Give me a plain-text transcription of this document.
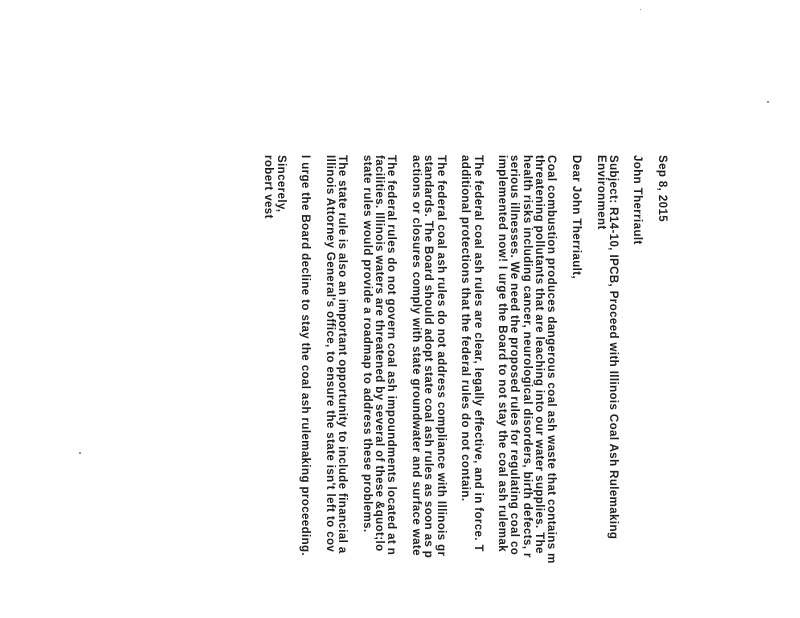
Sep 8, 2015
John Therriault
Subject: R14-10, IPCB, Proceed with Illinois Coal Ash Rulemaking
Environment
Dear John Therriault,
Coal combustion produces dangerous coal ash waste that contains m
threatening pollutants that are leaching into our water supplies. The
health risks including cancer, neurological disorders, birth defects, r
serious illnesses. We need the proposed rules for regulating coal co
implemented now! I urge the Board to not stay the coal ash rulemak
The federal coal ash rules are clear, legally effective, and in force. T
additional protections that the federal rules do not contain.
The federal coal ash rules do not address compliance with Illinois gr
standards. The Board should adopt state coal ash rules as soon as p
actions or closures comply with state groundwater and surface wate
The federal rules do not govern coal ash impoundments located at n
facilities. Illinois waters are threatened by several of these &quot;lo
state rules would provide a roadmap to address these problems.
The state rule is also an important opportunity to include financial a
Illinois Attorney General's office, to ensure the state isn't left to cov
I urge the Board decline to stay the coal ash rulemaking proceeding.
Sincerely,
robert vest
